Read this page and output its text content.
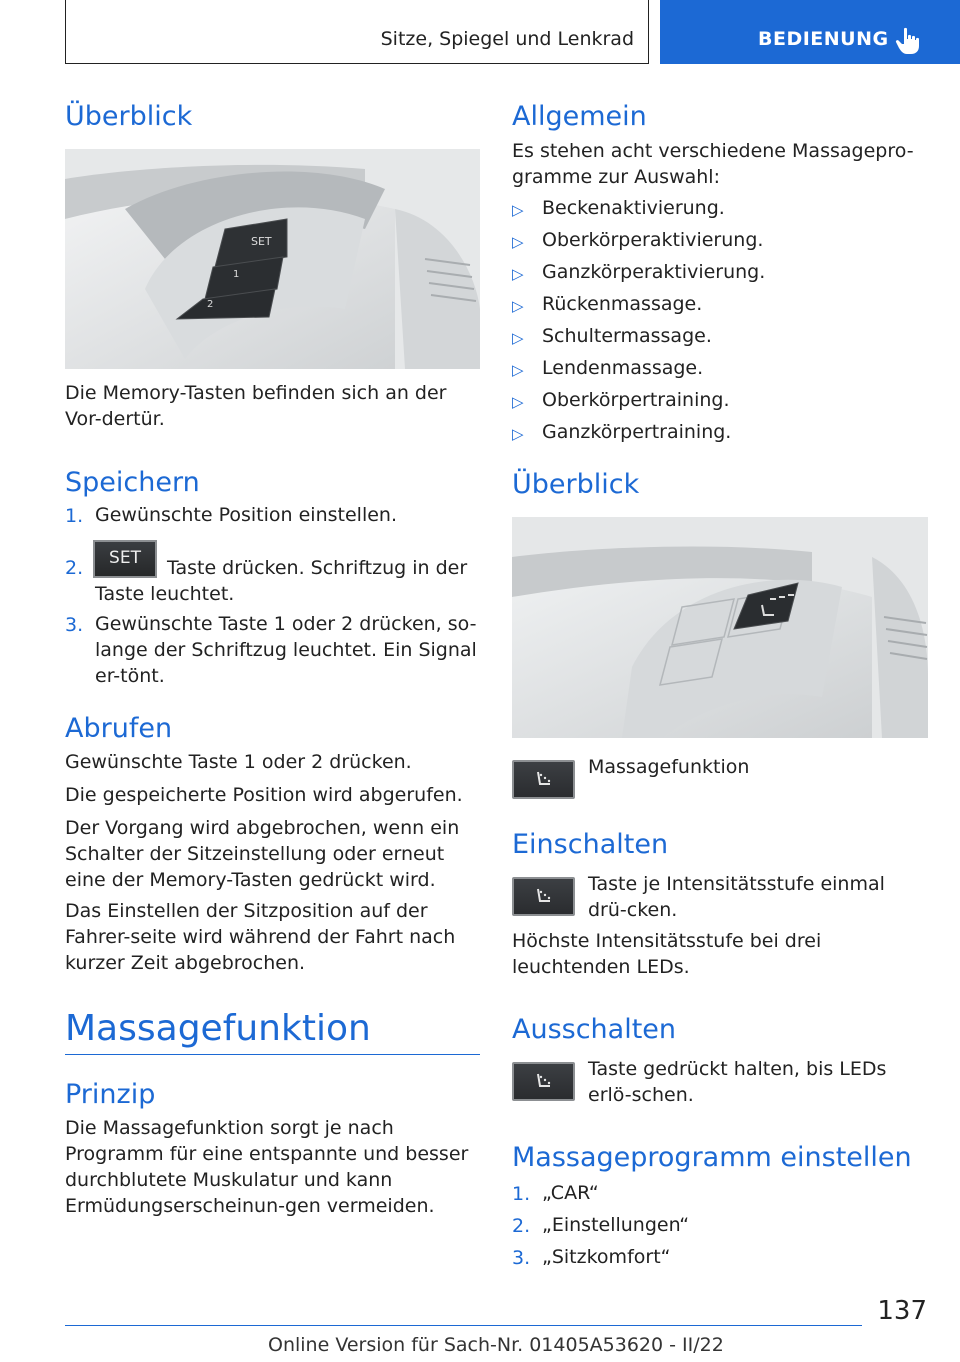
Sitze, Spiegel und Lenkrad	BEDIENUNG
Überblick
SET
1
2
Die Memory-Tasten befinden sich an der Vor-dertür.
Speichern
1. Gewünschte Position einstellen.
2.	SET	Taste drücken. Schriftzug in der Taste leuchtet.
3. Gewünschte Taste 1 oder 2 drücken, so-lange der Schriftzug leuchtet. Ein Signal er-tönt.
Abrufen
Gewünschte Taste 1 oder 2 drücken.
Die gespeicherte Position wird abgerufen.
Der Vorgang wird abgebrochen, wenn ein Schalter der Sitzeinstellung oder erneut eine der Memory-Tasten gedrückt wird.
Das Einstellen der Sitzposition auf der Fahrer-seite wird während der Fahrt nach kurzer Zeit abgebrochen.
Massagefunktion
Prinzip
Die Massagefunktion sorgt je nach Programm für eine entspannte und besser durchblutete Muskulatur und kann Ermüdungserscheinun-gen vermeiden.
Allgemein
Es stehen acht verschiedene Massagepro-gramme zur Auswahl:
▷ Beckenaktivierung.
▷ Oberkörperaktivierung.
▷ Ganzkörperaktivierung.
▷ Rückenmassage.
▷ Schultermassage.
▷ Lendenmassage.
▷ Oberkörpertraining.
▷ Ganzkörpertraining.
Überblick
Massagefunktion
Einschalten
Taste je Intensitätsstufe einmal drü-cken.
Höchste Intensitätsstufe bei drei leuchtenden LEDs.
Ausschalten
Taste gedrückt halten, bis LEDs erlö-schen.
Massageprogramm einstellen
1. „CAR“
2. „Einstellungen“
3. „Sitzkomfort“
137
Online Version für Sach-Nr. 01405A53620 - II/22
